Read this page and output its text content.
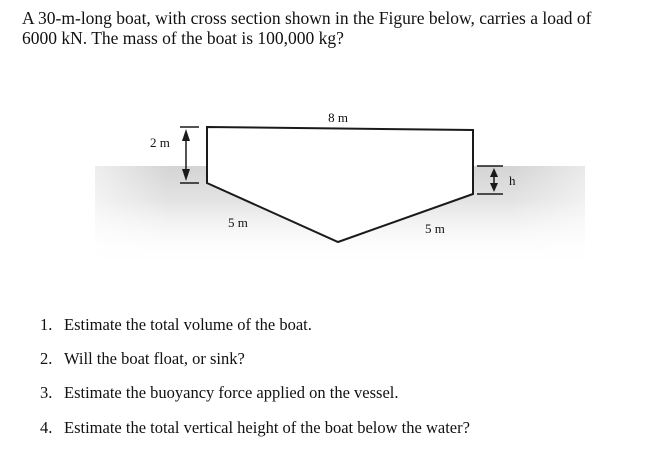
A 30-m-long boat, with cross section shown in the Figure below, carries a load of
6000 kN. The mass of the boat is 100,000 kg?

8 m
2 m
5 m	5 m
h
1. Estimate the total volume of the boat.
2. Will the boat float, or sink?
3. Estimate the buoyancy force applied on the vessel.
4. Estimate the total vertical height of the boat below the water?
